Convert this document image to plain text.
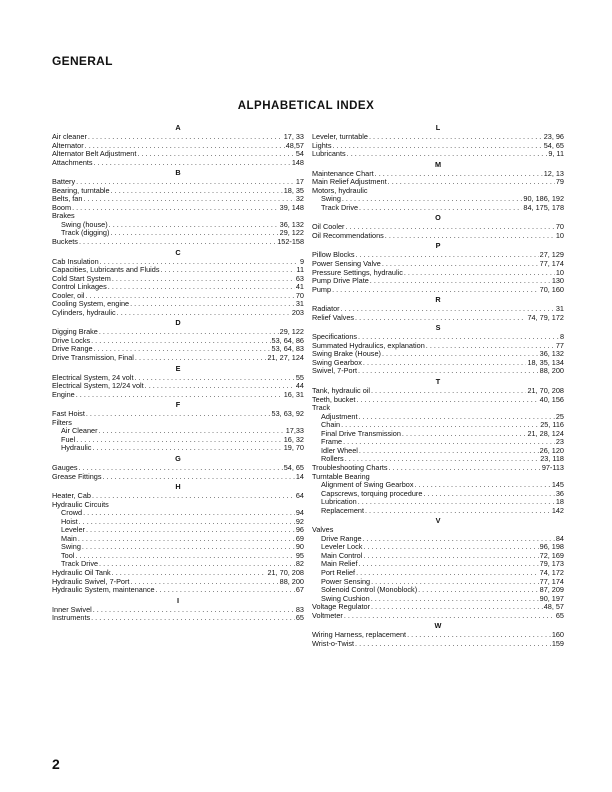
GENERAL
ALPHABETICAL INDEX
A
Air cleaner . . .	17, 33
Alternator . . .	48,57
Alternator Belt Adjustment . . .	54
Attachments . . .	148
B
Battery . . .	17
Bearing, turntable . . .	18, 35
Belts, fan . . .	32
Boom . . .	39, 148
Brakes
Swing (house) . . .	36, 132
Track (digging) . . .	29, 122
Buckets . . .	152-158
C
Cab Insulation . . .	9
Capacities, Lubricants and Fluids . . .	11
Cold Start System . . .	63
Control Linkages . . .	41
Cooler, oil . . .	70
Cooling System, engine . . .	31
Cylinders, hydraulic . . .	203
D
Digging Brake . . .	29, 122
Drive Locks . . .	53, 64, 86
Drive Range . . .	53, 64, 83
Drive Transmission, Final . . .	21, 27, 124
E
Electrical System, 24 volt . . .	55
Electrical System, 12/24 volt . . .	44
Engine . . .	16, 31
F
Fast Hoist . . .	53, 63, 92
Filters
Air Cleaner . . .	17,33
Fuel . . .	16, 32
Hydraulic . . .	19, 70
G
Gauges . . .	54, 65
Grease Fittings . . .	14
H
Heater, Cab . . .	64
Hydraulic Circuits
Crowd . . .	94
Hoist . . .	92
Leveler . . .	96
Main . . .	69
Swing . . .	90
Tool . . .	95
Track Drive . . .	82
Hydraulic Oil Tank . . .	21, 70, 208
Hydraulic Swivel, 7-Port . . .	88, 200
Hydraulic System, maintenance . . .	67
I
Inner Swivel . . .	83
Instruments . . .	65
L
Leveler, turntable . . .	23, 96
Lights . . .	54, 65
Lubricants . . .	9, 11
M
Maintenance Chart . . .	12, 13
Main Relief Adjustment . . .	79
Motors, hydraulic
Swing . . .	90, 186, 192
Track Drive . . .	84, 175, 178
O
Oil Cooler . . .	70
Oil Recommendations . . .	10
P
Pillow Blocks . . .	27, 129
Power Sensing Valve . . .	77, 174
Pressure Settings, hydraulic . . .	10
Pump Drive Plate . . .	130
Pump . . .	70, 160
R
Radiator . . .	31
Relief Valves . . .	74, 79, 172
S
Specifications . . .	8
Summated Hydraulics, explanation . . .	77
Swing Brake (House) . . .	36, 132
Swing Gearbox . . .	18, 35, 134
Swivel, 7-Port . . .	88, 200
T
Tank, hydraulic oil . . .	21, 70, 208
Teeth, bucket . . .	40, 156
Track
Adjustment . . .	25
Chain . . .	25, 116
Final Drive Transmission . . .	21, 28, 124
Frame . . .	23
Idler Wheel . . .	26, 120
Rollers . . .	23, 118
Troubleshooting Charts . . .	97-113
Turntable Bearing
Alignment of Swing Gearbox . . .	145
Capscrews, torquing procedure . . .	36
Lubrication . . .	18
Replacement . . .	142
V
Valves
Drive Range . . .	84
Leveler Lock . . .	96, 198
Main Control . . .	72, 169
Main Relief . . .	79, 173
Port Relief . . .	74, 172
Power Sensing . . .	77, 174
Solenoid Control (Monoblock) . . .	87, 209
Swing Cushion . . .	90, 197
Voltage Regulator . . .	48, 57
Voltmeter . . .	65
W
Wiring Harness, replacement . . .	160
Wrist-o-Twist . . .	159
2
